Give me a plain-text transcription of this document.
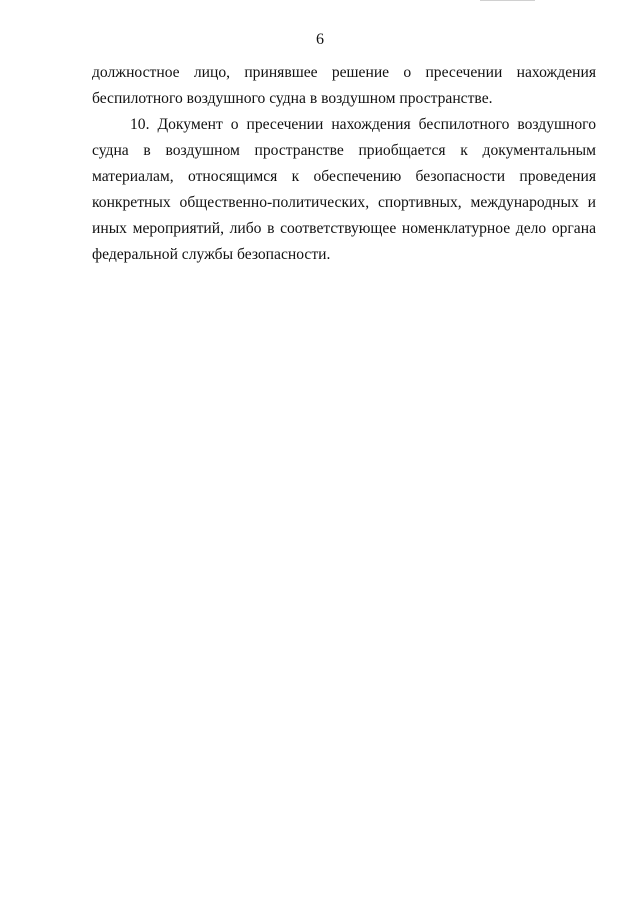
6

должностное лицо, принявшее решение о пресечении нахождения
беспилотного воздушного судна в воздушном пространстве.

10. Документ о пресечении нахождения беспилотного воздушного
судна в воздушном пространстве приобщается к документальным
материалам, относящимся к обеспечению безопасности проведения
конкретных общественно-политических, спортивных, международных и
иных мероприятий, либо в соответствующее номенклатурное дело органа
федеральной службы безопасности.
